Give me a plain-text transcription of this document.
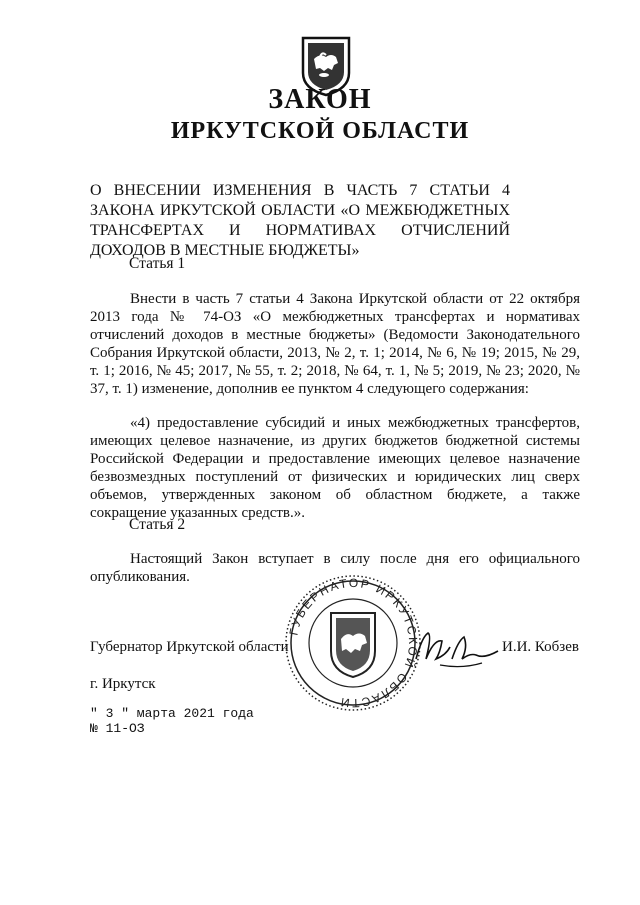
ЗАКОН
ИРКУТСКОЙ ОБЛАСТИ
О ВНЕСЕНИИ ИЗМЕНЕНИЯ В ЧАСТЬ 7 СТАТЬИ 4 ЗАКОНА ИРКУТСКОЙ ОБЛАСТИ «О МЕЖБЮДЖЕТНЫХ ТРАНСФЕРТАХ И НОРМАТИВАХ ОТЧИСЛЕНИЙ ДОХОДОВ В МЕСТНЫЕ БЮДЖЕТЫ»
Статья 1

Внести в часть 7 статьи 4 Закона Иркутской области от 22 октября 2013 года № 74-ОЗ «О межбюджетных трансфертах и нормативах отчислений доходов в местные бюджеты» (Ведомости Законодательного Собрания Иркутской области, 2013, № 2, т. 1; 2014, № 6, № 19; 2015, № 29, т. 1; 2016, № 45; 2017, № 55, т. 2; 2018, № 64, т. 1, № 5; 2019, № 23; 2020, № 37, т. 1) изменение, дополнив ее пунктом 4 следующего содержания:

«4) предоставление субсидий и иных межбюджетных трансфертов, имеющих целевое назначение, из других бюджетов бюджетной системы Российской Федерации и предоставление имеющих целевое назначение безвозмездных поступлений от физических и юридических лиц сверх объемов, утвержденных законом об областном бюджете, а также сокращение указанных средств.».

Статья 2

Настоящий Закон вступает в силу после дня его официального опубликования.

ГУБЕРНАТОР ИРКУТСКОЙ ОБЛАСТИ
Губернатор Иркутской области	И.И. Кобзев
г. Иркутск
" 3 " марта 2021 года
№ 11-ОЗ
